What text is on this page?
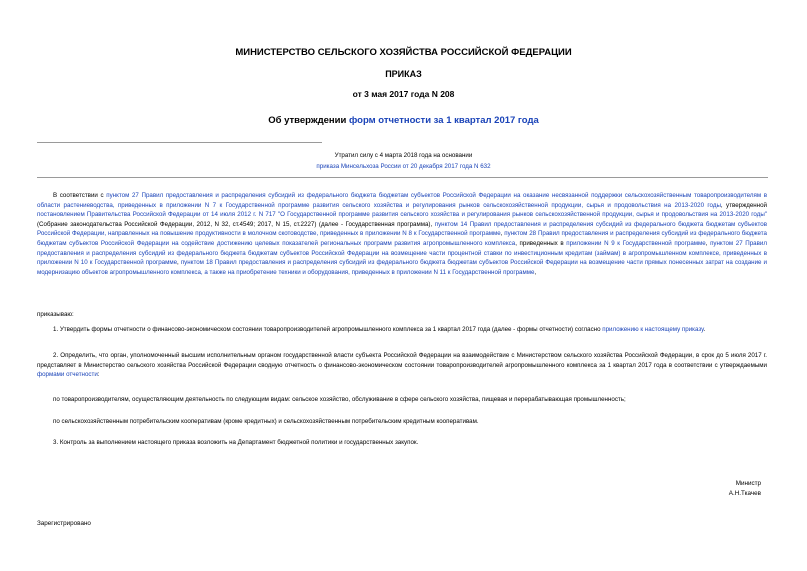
МИНИСТЕРСТВО СЕЛЬСКОГО ХОЗЯЙСТВА РОССИЙСКОЙ ФЕДЕРАЦИИ
ПРИКАЗ
от 3 мая 2017 года N 208
Об утверждении форм отчетности за 1 квартал 2017 года
Утратил силу с 4 марта 2018 года на основании
приказа Минсельхоза России от 20 декабря 2017 года N 632
В соответствии с пунктом 27 Правил предоставления и распределения субсидий из федерального бюджета бюджетам субъектов Российской Федерации на оказание несвязанной поддержки сельскохозяйственным товаропроизводителям в области растениеводства, приведенных в приложении N 7 к Государственной программе развития сельского хозяйства и регулирования рынков сельскохозяйственной продукции, сырья и продовольствия на 2013-2020 годы, утвержденной постановлением Правительства Российской Федерации от 14 июля 2012 г. N 717 "О Государственной программе развития сельского хозяйства и регулирования рынков сельскохозяйственной продукции, сырья и продовольствия на 2013-2020 годы" (Собрание законодательства Российской Федерации, 2012, N 32, ст.4549; 2017, N 15, ст.2227) (далее - Государственная программа), пунктом 14 Правил предоставления и распределения субсидий из федерального бюджета бюджетам субъектов Российской Федерации, направленных на повышение продуктивности в молочном скотоводстве, приведенных в приложении N 8 к Государственной программе, пунктом 28 Правил предоставления и распределения субсидий из федерального бюджета бюджетам субъектов Российской Федерации на содействие достижению целевых показателей региональных программ развития агропромышленного комплекса, приведенных в приложении N 9 к Государственной программе, пунктом 27 Правил предоставления и распределения субсидий из федерального бюджета бюджетам субъектов Российской Федерации на возмещение части процентной ставки по инвестиционным кредитам (займам) в агропромышленном комплексе, приведенных в приложении N 10 к Государственной программе, пунктом 18 Правил предоставления и распределения субсидий из федерального бюджета бюджетам субъектов Российской Федерации на возмещение части прямых понесенных затрат на создание и модернизацию объектов агропромышленного комплекса, а также на приобретение техники и оборудования, приведенных в приложении N 11 к Государственной программе,
приказываю:
1. Утвердить формы отчетности о финансово-экономическом состоянии товаропроизводителей агропромышленного комплекса за 1 квартал 2017 года (далее - формы отчетности) согласно приложению к настоящему приказу.
2. Определить, что орган, уполномоченный высшим исполнительным органом государственной власти субъекта Российской Федерации на взаимодействие с Министерством сельского хозяйства Российской Федерации, в срок до 5 июля 2017 г. представляет в Министерство сельского хозяйства Российской Федерации сводную отчетность о финансово-экономическом состоянии товаропроизводителей агропромышленного комплекса за 1 квартал 2017 года в соответствии с утверждаемыми формами отчетности:
по товаропроизводителям, осуществляющим деятельность по следующим видам: сельское хозяйство, обслуживание в сфере сельского хозяйства, пищевая и перерабатывающая промышленность;
по сельскохозяйственным потребительским кооперативам (кроме кредитных) и сельскохозяйственным потребительским кредитным кооперативам.
3. Контроль за выполнением настоящего приказа возложить на Департамент бюджетной политики и государственных закупок.
Министр
А.Н.Ткачев
Зарегистрировано
